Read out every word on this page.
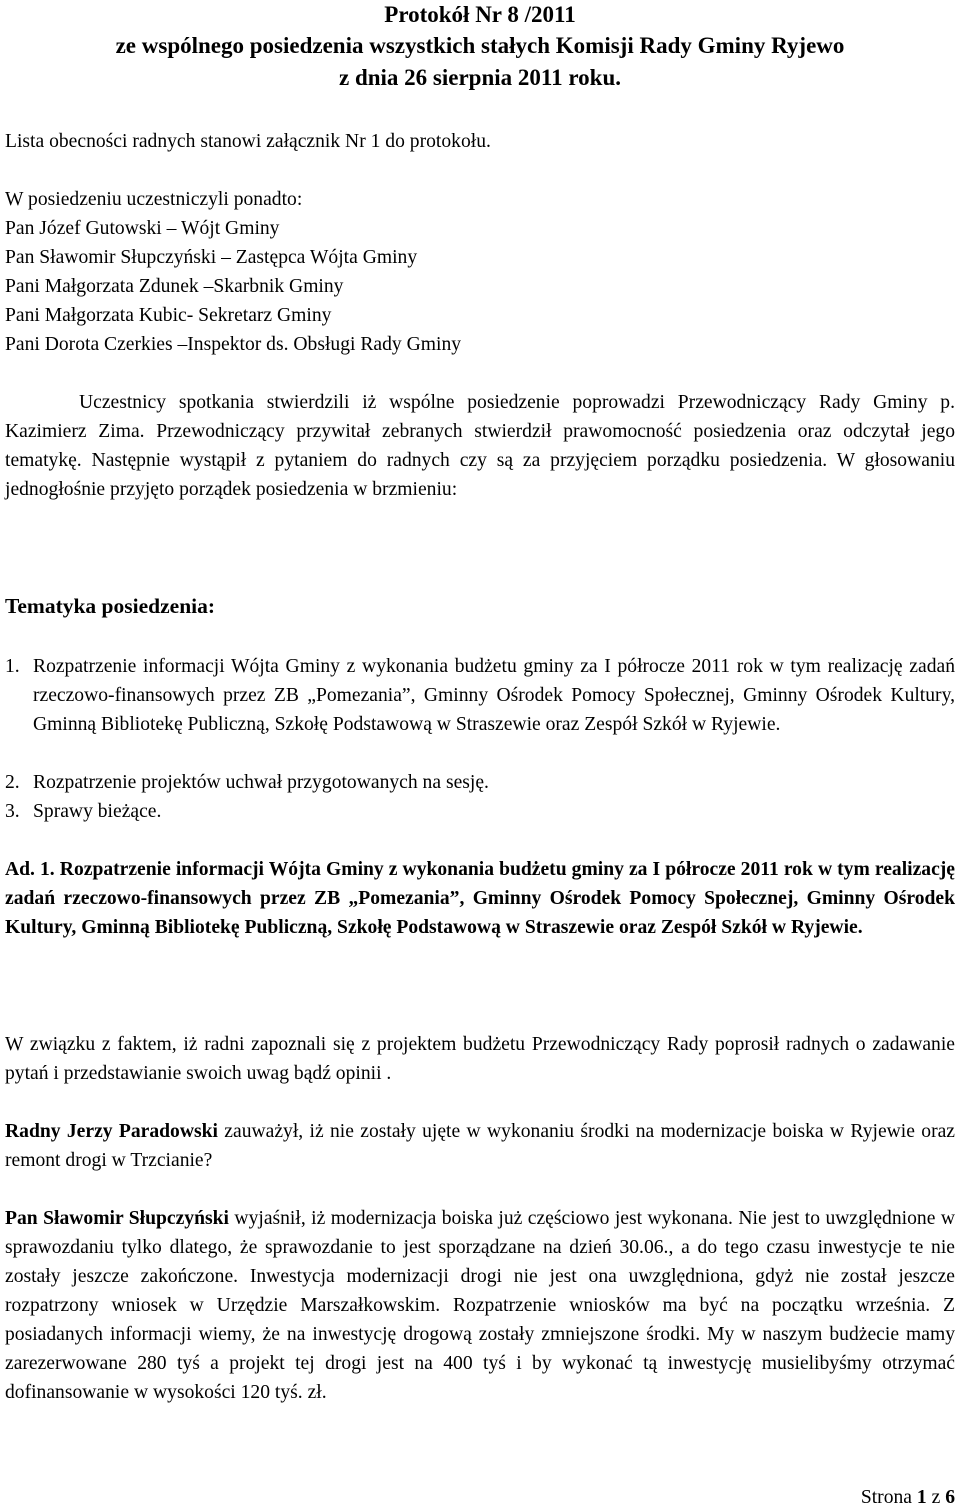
Protokół Nr 8 /2011
ze wspólnego posiedzenia wszystkich stałych Komisji Rady Gminy Ryjewo
z dnia 26 sierpnia 2011 roku.
Lista obecności radnych stanowi załącznik Nr 1 do protokołu.
W posiedzeniu uczestniczyli ponadto:
Pan Józef Gutowski – Wójt Gminy
Pan Sławomir Słupczyński – Zastępca Wójta Gminy
Pani Małgorzata Zdunek –Skarbnik Gminy
Pani Małgorzata Kubic- Sekretarz Gminy
Pani Dorota Czerkies –Inspektor ds. Obsługi Rady Gminy
Uczestnicy spotkania stwierdzili iż wspólne posiedzenie poprowadzi Przewodniczący Rady Gminy p. Kazimierz Zima. Przewodniczący przywitał zebranych stwierdził prawomocność posiedzenia oraz odczytał jego tematykę. Następnie wystąpił z pytaniem do radnych czy są za przyjęciem porządku posiedzenia. W głosowaniu jednogłośnie przyjęto porządek posiedzenia w brzmieniu:
Tematyka posiedzenia:
1. Rozpatrzenie informacji Wójta Gminy z wykonania budżetu gminy za I półrocze 2011 rok w tym realizację zadań rzeczowo-finansowych przez ZB „Pomezania”, Gminny Ośrodek Pomocy Społecznej, Gminny Ośrodek Kultury, Gminną Bibliotekę Publiczną, Szkołę Podstawową w Straszewie oraz Zespół Szkół w Ryjewie.
2. Rozpatrzenie projektów uchwał przygotowanych na sesję.
3. Sprawy bieżące.
Ad. 1. Rozpatrzenie informacji Wójta Gminy z wykonania budżetu gminy za I półrocze 2011 rok w tym realizację zadań rzeczowo-finansowych przez ZB „Pomezania”, Gminny Ośrodek Pomocy Społecznej, Gminny Ośrodek Kultury, Gminną Bibliotekę Publiczną, Szkołę Podstawową w Straszewie oraz Zespół Szkół w Ryjewie.
W związku z faktem, iż radni zapoznali się z projektem budżetu Przewodniczący Rady poprosił radnych o zadawanie pytań i przedstawianie swoich uwag bądź opinii .
Radny Jerzy Paradowski zauważył, iż nie zostały ujęte w wykonaniu środki na modernizacje boiska w Ryjewie oraz remont drogi w Trzcianie?
Pan Sławomir Słupczyński wyjaśnił, iż modernizacja boiska już częściowo jest wykonana. Nie jest to uwzględnione w sprawozdaniu tylko dlatego, że sprawozdanie to jest sporządzane na dzień 30.06., a do tego czasu inwestycje te nie zostały jeszcze zakończone. Inwestycja modernizacji drogi nie jest ona uwzględniona, gdyż nie został jeszcze rozpatrzony wniosek w Urzędzie Marszałkowskim. Rozpatrzenie wniosków ma być na początku września. Z posiadanych informacji wiemy, że na inwestycję drogową zostały zmniejszone środki. My w naszym budżecie mamy zarezerwowane 280 tyś a projekt tej drogi jest na 400 tyś i by wykonać tą inwestycję musielibyśmy otrzymać dofinansowanie w wysokości 120 tyś. zł.
Strona 1 z 6
